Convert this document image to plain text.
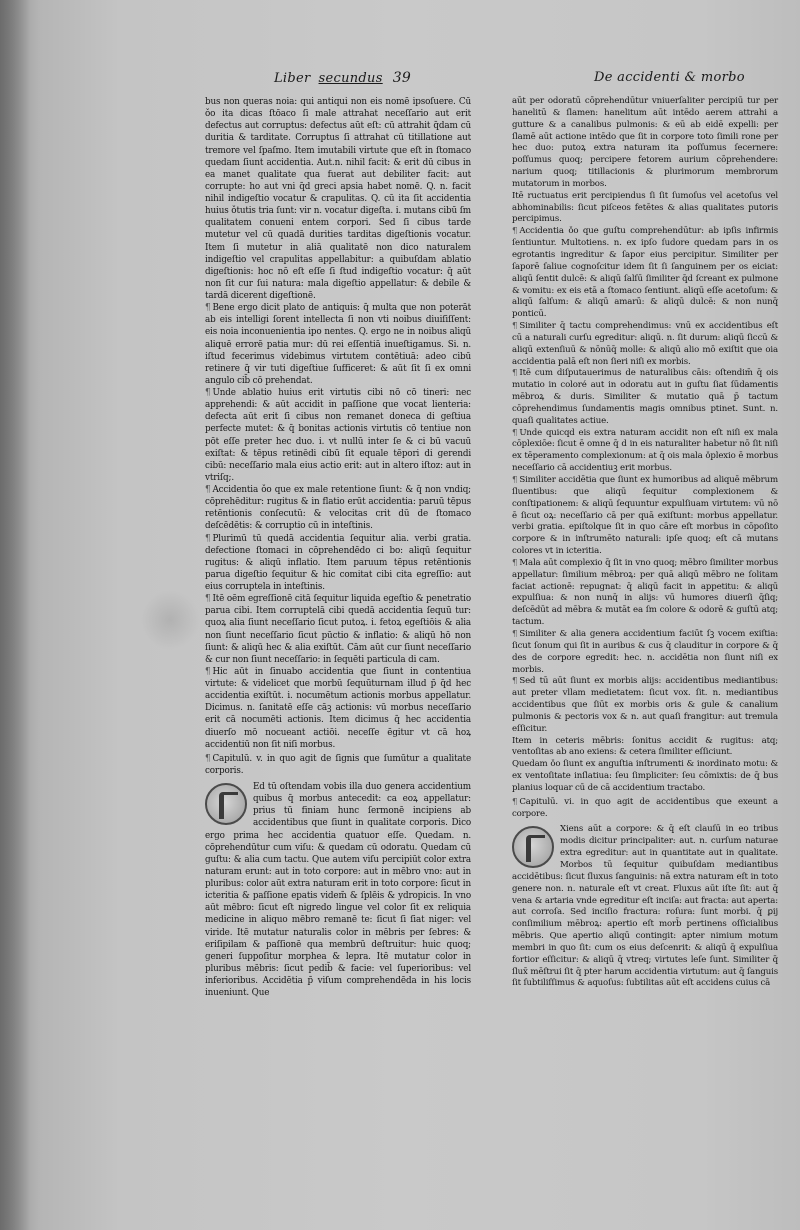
Liber secundus 39	De accidenti & morbo

bus non queras noia: qui antiqui non eis nomē ipsoſuere. Cū ǒo ita dicas ſtōaco ſi male attrahat neceſſario aut erit defectus aut corruptus: defectus aūt eſt: cū attrahit q̄dam cū duritia & tarditate. Corruptus ſi attrahat cū titillatione aut tremore vel ſpaſmo. Item imutabili virtute que eſt in ſtomaco quedam ſiunt accidentia. Aut.n. nihil facit: & erit dū cibus in ea manet qualitate qua fuerat aut debiliter facit: aut corrupte: ho aut vni q̄d greci apsia habet nomē. Q. n. facit nihil indigeſtio vocatur & crapulitas. Q. cū ita ſit accidentia huius ǒtutis tria ſunt: vir n. vocatur digeſta. i. mutans cibū ſm qualitatem conueni entem corpori. Sed ſi cibus tarde mutetur vel cū quadā durities tarditas digeſtionis vocatur. Item ſi mutetur in aliā qualitatē non dico naturalem indigeſtio vel crapulitas appellabitur: a quibuſdam ablatio digeſtionis: hoc nō eſt eſſe ſi ſtud indigeſtio vocatur: q̄ aūt non ſit cur ſui natura: mala digeſtio appellatur: & debile & tardā dicerent digeſtionē.

¶ Bene ergo dicit plato de antiquis: q̄ multa que non poterāt ab eis intelligi ſorent intellecta ſi non vti noibus diuiſiſſent: eis noia inconuenientia ipo nentes. Q. ergo ne in noibus aliqū aliquē errorē patia mur: dū rei eſſentiā inueſtigamus. Si. n. iſtud fecerimus videbimus virtutem contētiuā: adeo cibū retinere q̄ vir tuti digeſtiue ſufficeret: & aūt ſit ſi ex omni angulo cib̄ cō prehendat.

¶ Unde ablatio huius erit virtutis cibi nō cō tineri: nec apprehendi: & aūt accidit in paſſione que vocat lienteria: defecta aūt erit ſi cibus non remanet doneca di geſtiua perfecte mutet: & q̄ bonitas actionis virtutis cō tentiue non pōt eſſe preter hec duo. i. vt nullū inter ſe & ci bū vacuū exiſtat: & tēpus retinēdi cibū ſit equale tēpori di gerendi cibū: neceſſario mala eius actio erit: aut in altero iſtoz: aut in vtriſq;.

¶ Accidentia ǒo que ex male retentione ſiunt: & q̄ non vndiq; cōprehēditur: rugitus & in flatio erūt accidentia: paruū tēpus retēntionis conſecutū: & velocitas crit dū de ſtomaco deſcēdētis: & corruptio cū in inteſtinis.

¶ Plurimū tū quedā accidentia ſequitur alia. verbi gratia. defectione ſtomaci in cōprehendēdo ci bo: aliqū ſequitur rugitus: & aliqū inflatio. Item paruum tēpus retēntionis parua digeſtio ſequitur & hic comitat cibi cita egreſſio: aut eius corruptela in inteſtinis.

¶ Itē oēm egreſſionē citā ſequitur liquida egeſtio & penetratio parua cibi. Item corruptelā cibi quedā accidentia ſequū tur: quoꝝ alia ſiunt neceſſario ſicut putoꝝ. i. fetoꝝ egeſtiōis & alia non ſiunt neceſſario ſicut pūctio & inflatio: & aliqū hō non ſiunt: & aliqū hec & alia exiſtūt. Cām aūt cur ſiunt neceſſario & cur non ſiunt neceſſario: in ſequēti particula di cam.

¶ Hic aūt in ſinuabo accidentia que ſiunt in contentiua virtute: & videlicet que morbū ſequūturnam illud p̄ q̄d hec accidentia exiſtūt. i. nocumētum actionis morbus appellatur. Dicimus. n. ſanitatē eſſe cāꝫ actionis: vū morbus neceſſario erit cā nocumēti actionis. Item dicimus q̄ hec accidentia diuerſo mō nocueant actiōi. neceſſe ēgitur vt cā hoꝝ accidentiū non ſit niſi morbus.

¶ Capitulū. v. in quo agit de ſignis que ſumūtur a qualitate corporis.

Ed tū oſtendam vobis illa duo genera accidentium quibus q̄ morbus antecedit: ca eoꝝ appellatur: prius tū finiam hunc ſermonē incipiens ab accidentibus que ſiunt in qualitate corporis. Dico ergo prima hec accidentia quatuor eſſe. Quedam. n. cōprehendūtur cum viſu: & quedam cū odoratu. Quedam cū guſtu: & alia cum tactu. Que autem viſu percipiūt color extra naturam erunt: aut in toto corpore: aut in mēbro vno: aut in pluribus: color aūt extra naturam erit in toto corpore: ſicut in icteritia & paſſione epatis videm̄ & ſplēis & ydropicis. In vno aūt mēbro: ſicut eſt nigredo lingue vel color ſit ex reliquia medicine in aliquo mēbro remanē te: ſicut ſi ſiat niger: vel viride. Itē mutatur naturalis color in mēbris per ſebres: & eriſipilam & paſſionē qua membrū deſtruitur: huic quoq; generi ſuppoſitur morphea & lepra. Itē mutatur color in pluribus mēbris: ſicut pedib̄ & facie: vel ſuperioribus: vel inferioribus. Accidētia p̄ viſum comprehendēda in his locis inueniunt. Que

aūt per odoratū cōprehendūtur vniuerſaliter percipiū tur per hanelitū & ſlamen: hanelitum aūt intēdo aerem attrahi a gutture & a canalibus pulmonis: & eū ab eidē expelli: per ſlamē aūt actione intēdo que ſit in corpore toto ſimili rone per hec duo: putoꝝ extra naturam ita poſſumus ſecernere: poſſumus quoq; percipere fetorem aurium cōprehendere: narium quoq; titillacionis & plurimorum membrorum mutatorum in morbos.

Itē ructuatus erit percipiendus ſi ſit ſumoſus vel acetoſus vel abhominabilis: ſicut piſceos fetētes & alias qualitates putoris percipimus.

¶ Accidentia ǒo que guſtu comprehendūtur: ab ipſis infirmis ſentiuntur. Multotiens. n. ex ipſo ſudore quedam pars in os egrotantis ingreditur & ſapor eius percipitur. Similiter per ſaporē ſaliue cognoſcitur idem ſit ſi ſanguinem per os eiciat: aliqū ſentit dulcē: & aliqū ſalſū ſimiliter q̄d ſcreant ex pulmone & vomitu: ex eis etā a ſtomaco ſentiunt. aliqū eſſe acetoſum: & aliqū ſalſum: & aliqū amarū: & aliqū dulcē: & non nunq̄ ponticū.

¶ Similiter q̄ tactu comprehendimus: vnū ex accidentibus eſt cū a naturali curſu egreditur: aliqū. n. ſit durum: aliqū ſiccū & aliqū extenſiuū & nōnūq̄ molle: & aliqū alio mō exiſtit que oia accidentia palā eſt non ſieri niſi ex morbis.

¶ Itē cum diſputauerimus de naturalibus cāis: oſtendim̄ q̄ ois mutatio in coloré aut in odoratu aut in guſtu ſiat ſūdamentis mēbroꝝ & duris. Similiter & mutatio quā p̄ tactum cōprehendimus ſundamentis magis omnibus ptinet. Sunt. n. quaſi qualitates actiue.

¶ Unde quicqd eis extra naturam accidit non eſt niſi ex mala cōplexiōe: ſicut ē omne q̄ d in eis naturaliter habetur nō ſit niſi ex tēperamento complexionum: at q̄ ois mala ǒplexio ē morbus neceſſario cā accidentiuꝫ erit morbus.

¶ Similiter accidētia que ſiunt ex humoribus ad aliquē mēbrum ſluentibus: que aliqū ſequitur complexionem & conſtipationem: & aliqū ſequuntur expulſiuam virtutem: vū nō ē ſicut oꝝ: neceſſario cā per quā exiſtunt: morbus appellatur. verbi gratia. epiſtolque ſit in quo cāre eſt morbus in cōpoſito corpore & in inſtrumēto naturali: ipſe quoq; eſt cā mutans colores vt in icteritia.

¶ Mala aūt complexio q̄ ſit in vno quoq; mēbro ſimiliter morbus appellatur: ſimilium mēbroꝝ: per quā aliqū mēbro ne ſolitam faciat actionē: repugnat: q̄ aliqū facit in appetitu: & aliqū expulſiua: & non nunq̄ in alijs: vū humores diuerſi q̄ſiq; deſcēdūt ad mēbra & mutāt ea ſm colore & odorē & guſtū atq; tactum.

¶ Similiter & alia genera accidentium faciūt ſꝫ vocem exiſtia: ſicut ſonum qui ſit in auribus & cus q̄ clauditur in corpore & q̄ des de corpore egredit: hec. n. accidētia non ſiunt niſi ex morbis.

¶ Sed tū aūt ſiunt ex morbis alijs: accidentibus mediantibus: aut preter vllam medietatem: ſicut vox. ſit. n. mediantibus accidentibus que ſiūt ex morbis oris & gule & canalium pulmonis & pectoris vox & n. aut quaſi frangitur: aut tremula eſſicitur.

Item in ceteris mēbris: ſonitus accidit & rugitus: atq; ventoſitas ab ano exiens: & cetera ſimiliter eſſiciunt.

Quedam ǒo ſiunt ex anguſtia inſtrumenti & inordinato motu: & ex ventoſitate inſlatiua: ſeu ſimpliciter: ſeu cōmixtis: de q̄ bus planius loquar cū de cā accidentium tractabo.

¶ Capitulū. vi. in quo agit de accidentibus que exeunt a corpore.

Xiens aūt a corpore: & q̄ eſt clauſū in eo tribus modis dicitur principaliter: aut. n. curſum naturae extra egreditur: aut in quantitate aut in qualitate. Morbos tū ſequitur quibuſdam mediantibus accidētibus: ſicut ſluxus ſanguinis: nā extra naturam eſt in toto genere non. n. naturale eſt vt creat. Fluxus aūt iſte ſit: aut q̄ vena & artaria vnde egreditur eſt inciſa: aut fracta: aut aperta: aut corroſa. Sed inciſio fractura: roſura: ſunt morbi. q̄ ꝑij conſimilium mēbroꝝ: apertio eſt morb̄ pertinens oſſicialibus mēbris. Que apertio aliqū contingit: apter nimium motum membri in quo ſit: cum os eius deſcenrit: & aliqū q̄ expulſiua fortior eſſicitur: & aliqū q̄ vtreq; virtutes leſe ſunt. Similiter q̄ ſlux̄ mēſtrui ſit q̄ pter harum accidentia virtutum: aut q̄ ſanguis ſit ſubtiliſſimus & aquoſus: ſubtilitas aūt eſt accidens cuius cā
